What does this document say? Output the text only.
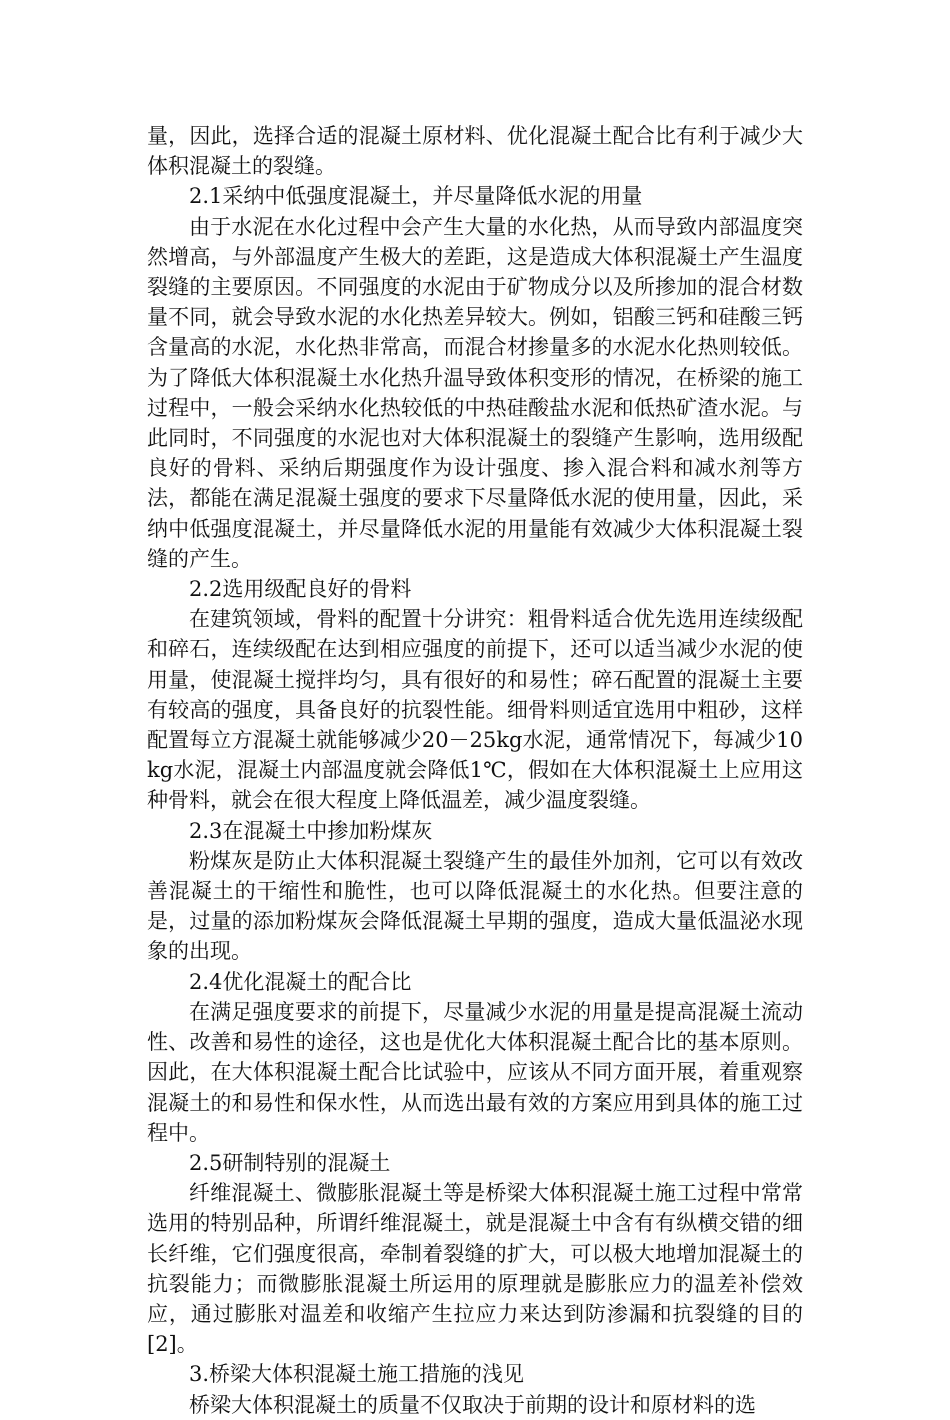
量，因此，选择合适的混凝土原材料、优化混凝土配合比有利于减少大体积混凝土的裂缝。

2.1采纳中低强度混凝土，并尽量降低水泥的用量

由于水泥在水化过程中会产生大量的水化热，从而导致内部温度突然增高，与外部温度产生极大的差距，这是造成大体积混凝土产生温度裂缝的主要原因。不同强度的水泥由于矿物成分以及所掺加的混合材数量不同，就会导致水泥的水化热差异较大。例如，铝酸三钙和硅酸三钙含量高的水泥，水化热非常高，而混合材掺量多的水泥水化热则较低。为了降低大体积混凝土水化热升温导致体积变形的情况，在桥梁的施工过程中，一般会采纳水化热较低的中热硅酸盐水泥和低热矿渣水泥。与此同时，不同强度的水泥也对大体积混凝土的裂缝产生影响，选用级配良好的骨料、采纳后期强度作为设计强度、掺入混合料和减水剂等方法，都能在满足混凝土强度的要求下尽量降低水泥的使用量，因此，采纳中低强度混凝土，并尽量降低水泥的用量能有效减少大体积混凝土裂缝的产生。

2.2选用级配良好的骨料

在建筑领域，骨料的配置十分讲究：粗骨料适合优先选用连续级配和碎石，连续级配在达到相应强度的前提下，还可以适当减少水泥的使用量，使混凝土搅拌均匀，具有很好的和易性；碎石配置的混凝土主要有较高的强度，具备良好的抗裂性能。细骨料则适宜选用中粗砂，这样配置每立方混凝土就能够减少20－25kg水泥，通常情况下，每减少10 kg水泥，混凝土内部温度就会降低1℃，假如在大体积混凝土上应用这种骨料，就会在很大程度上降低温差，减少温度裂缝。

2.3在混凝土中掺加粉煤灰

粉煤灰是防止大体积混凝土裂缝产生的最佳外加剂，它可以有效改善混凝土的干缩性和脆性，也可以降低混凝土的水化热。但要注意的是，过量的添加粉煤灰会降低混凝土早期的强度，造成大量低温泌水现象的出现。

2.4优化混凝土的配合比

在满足强度要求的前提下，尽量减少水泥的用量是提高混凝土流动性、改善和易性的途径，这也是优化大体积混凝土配合比的基本原则。因此，在大体积混凝土配合比试验中，应该从不同方面开展，着重观察混凝土的和易性和保水性，从而选出最有效的方案应用到具体的施工过程中。

2.5研制特别的混凝土

纤维混凝土、微膨胀混凝土等是桥梁大体积混凝土施工过程中常常选用的特别品种，所谓纤维混凝土，就是混凝土中含有有纵横交错的细长纤维，它们强度很高，牵制着裂缝的扩大，可以极大地增加混凝土的抗裂能力；而微膨胀混凝土所运用的原理就是膨胀应力的温差补偿效应，通过膨胀对温差和收缩产生拉应力来达到防渗漏和抗裂缝的目的[2]。

3.桥梁大体积混凝土施工措施的浅见

桥梁大体积混凝土的质量不仅取决于前期的设计和原材料的选
